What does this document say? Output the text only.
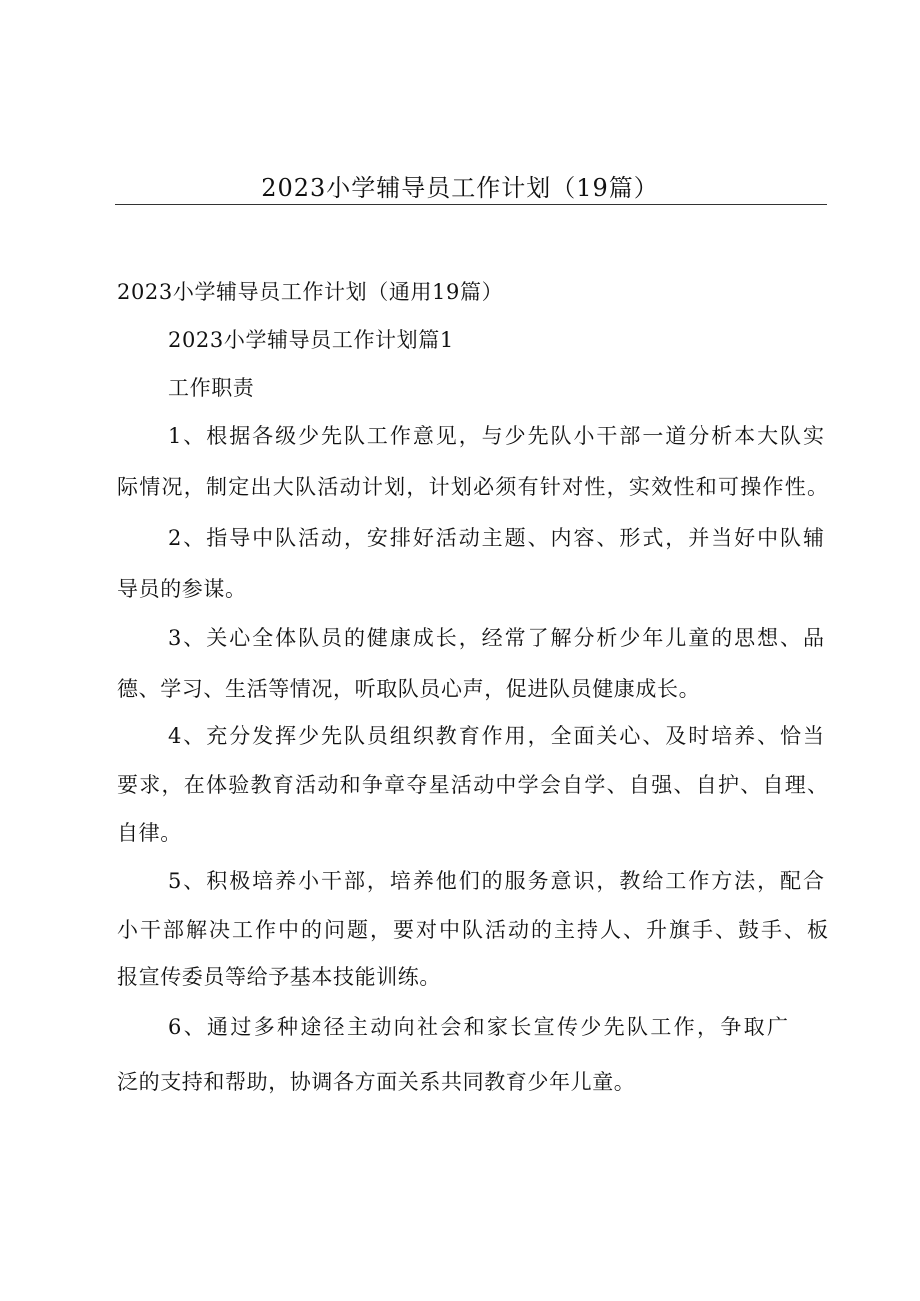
2023小学辅导员工作计划（19篇）
2023小学辅导员工作计划（通用19篇）
2023小学辅导员工作计划篇1
工作职责
1、根据各级少先队工作意见，与少先队小干部一道分析本大队实
际情况，制定出大队活动计划，计划必须有针对性，实效性和可操作性。
2、指导中队活动，安排好活动主题、内容、形式，并当好中队辅
导员的参谋。
3、关心全体队员的健康成长，经常了解分析少年儿童的思想、品
德、学习、生活等情况，听取队员心声，促进队员健康成长。
4、充分发挥少先队员组织教育作用，全面关心、及时培养、恰当
要求，在体验教育活动和争章夺星活动中学会自学、自强、自护、自理、
自律。
5、积极培养小干部，培养他们的服务意识，教给工作方法，配合
小干部解决工作中的问题，要对中队活动的主持人、升旗手、鼓手、板
报宣传委员等给予基本技能训练。
6、通过多种途径主动向社会和家长宣传少先队工作，争取广
泛的支持和帮助，协调各方面关系共同教育少年儿童。
